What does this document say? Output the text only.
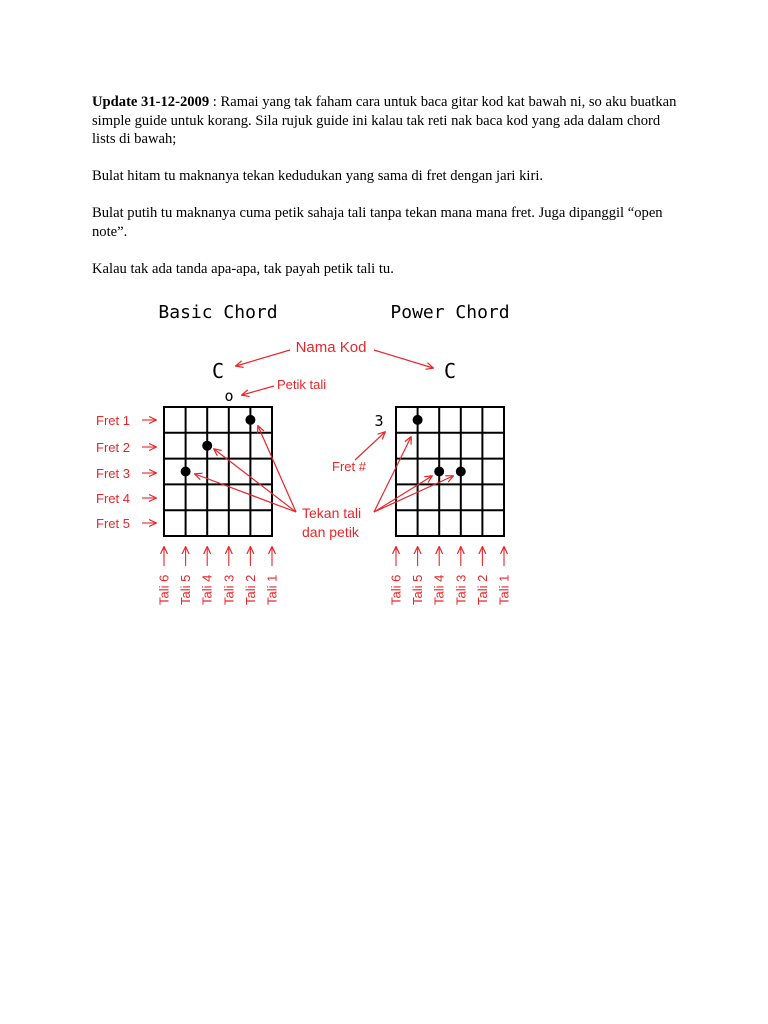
Update 31-12-2009 : Ramai yang tak faham cara untuk baca gitar kod kat bawah ni, so aku buatkan simple guide untuk korang. Sila rujuk guide ini kalau tak reti nak baca kod yang ada dalam chord lists di bawah;

Bulat hitam tu maknanya tekan kedudukan yang sama di fret dengan jari kiri.

Bulat putih tu maknanya cuma petik sahaja tali tanpa tekan mana mana fret. Juga dipanggil “open note”.

Kalau tak ada tanda apa-apa, tak payah petik tali tu.

Basic Chord	Power Chord
Nama Kod
C	C
o
Petik tali
Fret 1
Fret 2
Fret 3
Fret 4
Fret 5
3
Fret #
Tekan tali
dan petik
Tali 6 Tali 5 Tali 4 Tali 3 Tali 2 Tali 1	Tali 6 Tali 5 Tali 4 Tali 3 Tali 2 Tali 1
